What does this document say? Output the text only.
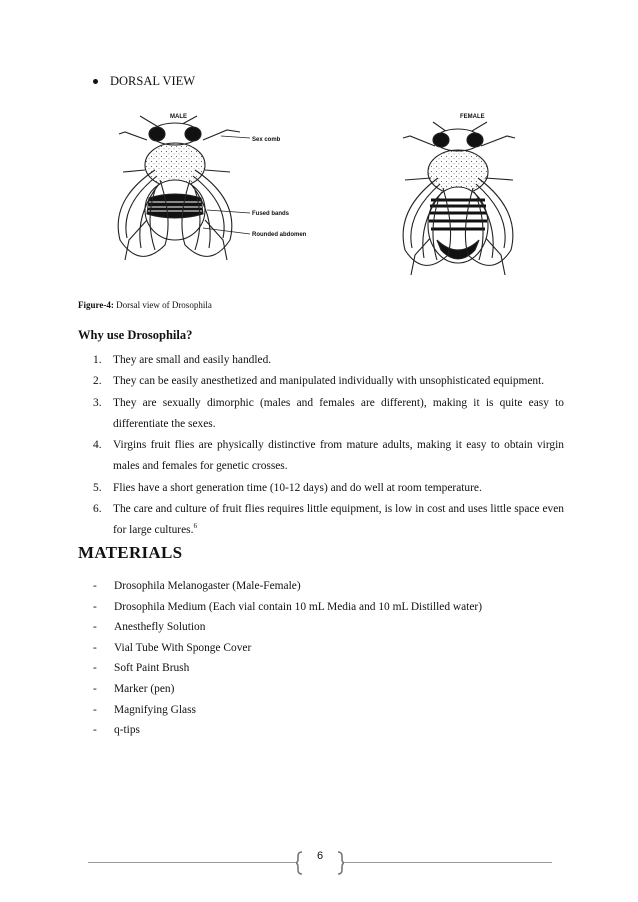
DORSAL VIEW
MALE
Sex comb
Fused bands
Rounded abdomen
FEMALE
Figure-4: Dorsal view of Drosophila
Why use Drosophila?
1. They are small and easily handled.
2. They can be easily anesthetized and manipulated individually with unsophisticated equipment.
3. They are sexually dimorphic (males and females are different), making it is quite easy to differentiate the sexes.
4. Virgins fruit flies are physically distinctive from mature adults, making it easy to obtain virgin males and females for genetic crosses.
5. Flies have a short generation time (10-12 days) and do well at room temperature.
6. The care and culture of fruit flies requires little equipment, is low in cost and uses little space even for large cultures.$^6$
MATERIALS
- Drosophila Melanogaster (Male-Female)
- Drosophila Medium (Each vial contain 10 mL Media and 10 mL Distilled water)
- Anesthefly Solution
- Vial Tube With Sponge Cover
- Soft Paint Brush
- Marker (pen)
- Magnifying Glass
- q-tips
6
